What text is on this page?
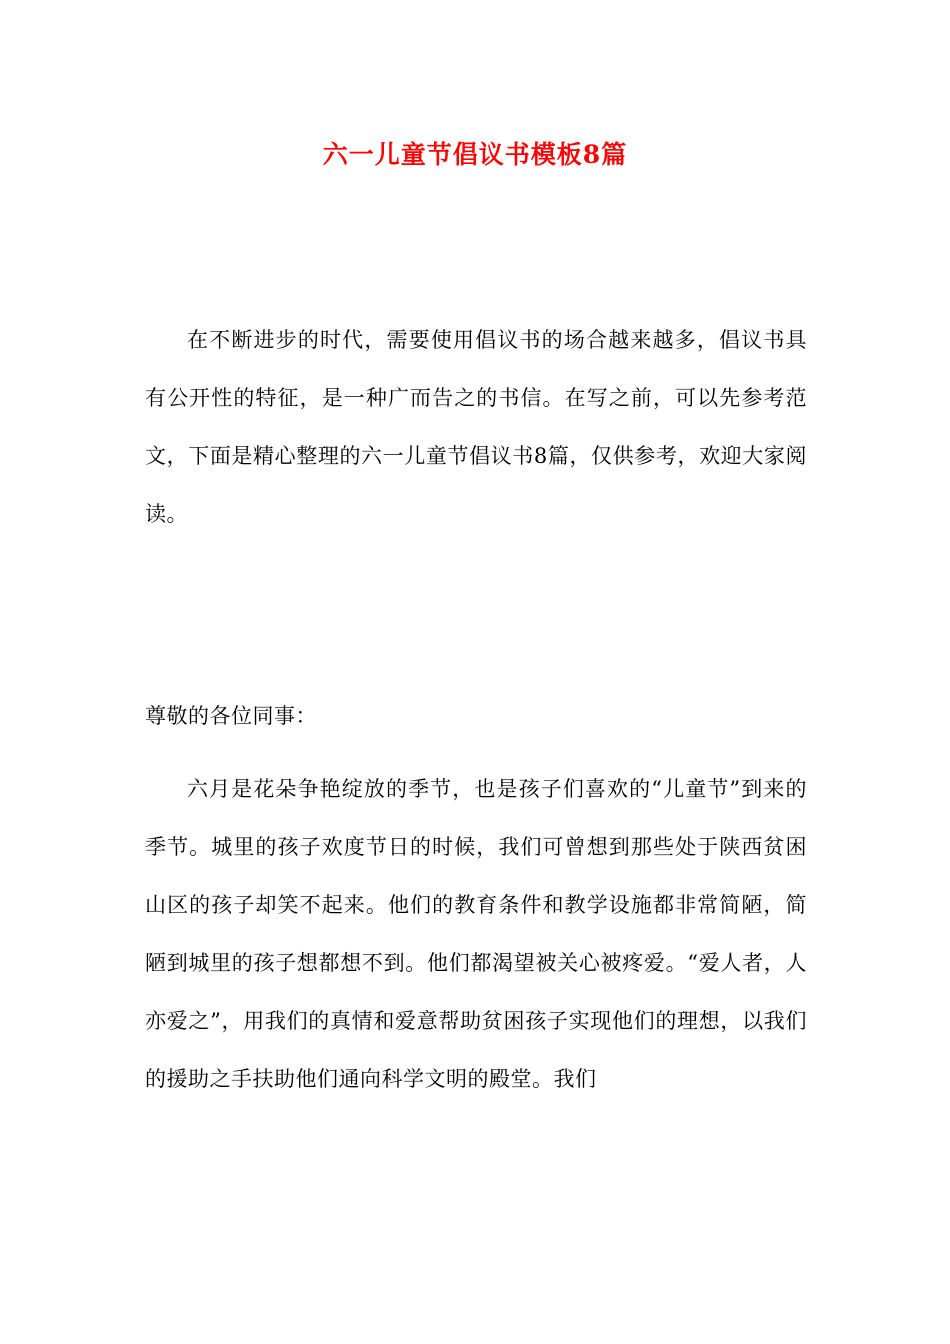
六一儿童节倡议书模板8篇

在不断进步的时代，需要使用倡议书的场合越来越多，倡议书具有公开性的特征，是一种广而告之的书信。在写之前，可以先参考范文，下面是精心整理的六一儿童节倡议书8篇，仅供参考，欢迎大家阅读。

尊敬的各位同事：

六月是花朵争艳绽放的季节，也是孩子们喜欢的“儿童节”到来的季节。城里的孩子欢度节日的时候，我们可曾想到那些处于陕西贫困山区的孩子却笑不起来。他们的教育条件和教学设施都非常简陋，简陋到城里的孩子想都想不到。他们都渴望被关心被疼爱。“爱人者，人亦爱之”，用我们的真情和爱意帮助贫困孩子实现他们的理想，以我们的援助之手扶助他们通向科学文明的殿堂。我们
